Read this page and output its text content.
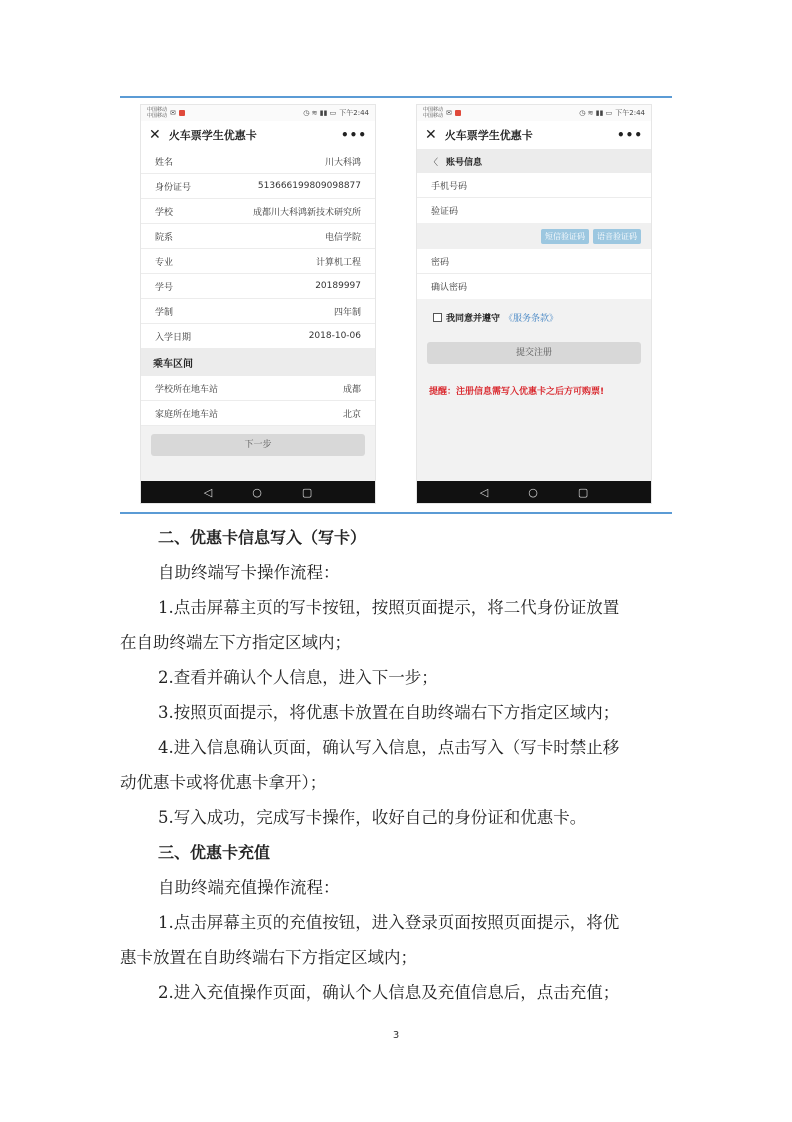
中国移动
中国移动 ✉	◷ ≋ ▮▮ ▭ 下午2:44
✕ 火车票学生优惠卡	•••
姓名	川大科鸿
身份证号	513666199809098877
学校	成都川大科鸿新技术研究所
院系	电信学院
专业	计算机工程
学号	20189997
学制	四年制
入学日期	2018-10-06
乘车区间
学校所在地车站	成都
家庭所在地车站	北京
下一步
◁	○	▢
中国移动
中国移动 ✉	◷ ≋ ▮▮ ▭ 下午2:44
✕ 火车票学生优惠卡	•••
〈 账号信息
手机号码
验证码
短信验证码	语音验证码
密码
确认密码
我同意并遵守 《服务条款》
提交注册
提醒：注册信息需写入优惠卡之后方可购票!
◁	○	▢
二、优惠卡信息写入（写卡）
自助终端写卡操作流程：
1.点击屏幕主页的写卡按钮，按照页面提示，将二代身份证放置
在自助终端左下方指定区域内；
2.查看并确认个人信息，进入下一步；
3.按照页面提示，将优惠卡放置在自助终端右下方指定区域内；
4.进入信息确认页面，确认写入信息，点击写入（写卡时禁止移
动优惠卡或将优惠卡拿开）；
5.写入成功，完成写卡操作，收好自己的身份证和优惠卡。
三、优惠卡充值
自助终端充值操作流程：
1.点击屏幕主页的充值按钮，进入登录页面按照页面提示，将优
惠卡放置在自助终端右下方指定区域内；
2.进入充值操作页面，确认个人信息及充值信息后，点击充值；
3
